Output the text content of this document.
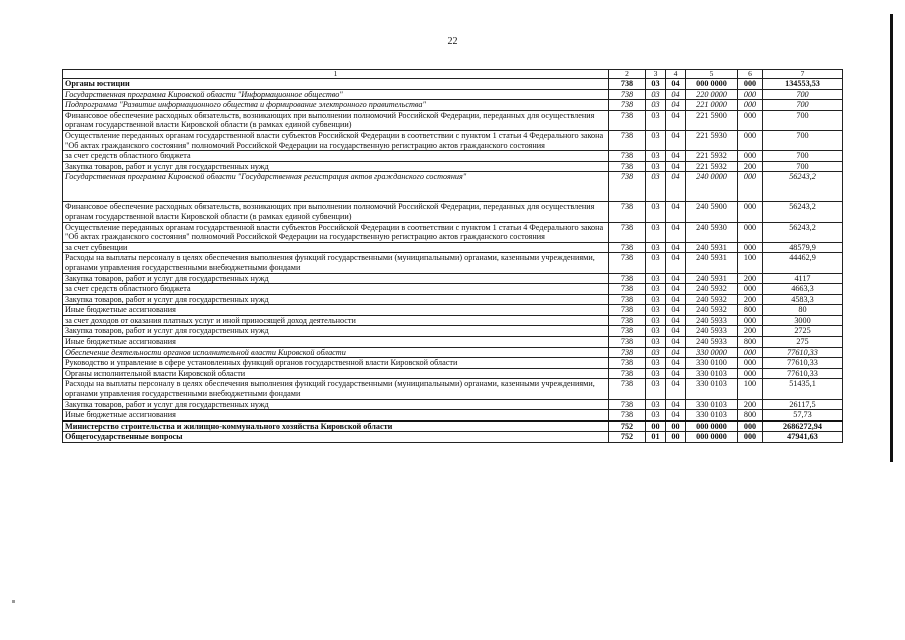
22
1	2	3	4	5	6	7
Органы юстиции	738	03	04	000 0000	000	134553,53
Государственная программа Кировской области "Информационное общество"	738	03	04	220 0000	000	700
Подпрограмма "Развитие информационного общества и формирование электронного правительства"	738	03	04	221 0000	000	700
Финансовое обеспечение расходных обязательств, возникающих при выполнении полномочий Российской Федерации, переданных для осуществления органам государственной власти Кировской области (в рамках единой субвенции)	738	03	04	221 5900	000	700
Осуществление переданных органам государственной власти субъектов Российской Федерации в соответствии с пунктом 1 статьи 4 Федерального закона "Об актах гражданского состояния" полномочий Российской Федерации на государственную регистрацию актов гражданского состояния	738	03	04	221 5930	000	700
за счет средств областного бюджета	738	03	04	221 5932	000	700
Закупка товаров, работ и услуг для государственных нужд	738	03	04	221 5932	200	700
Государственная программа Кировской области "Государственная регистрация актов гражданского состояния"	738	03	04	240 0000	000	56243,2
Финансовое обеспечение расходных обязательств, возникающих при выполнении полномочий Российской Федерации, переданных для осуществления органам государственной власти Кировской области (в рамках единой субвенции)	738	03	04	240 5900	000	56243,2
Осуществление переданных органам государственной власти субъектов Российской Федерации в соответствии с пунктом 1 статьи 4 Федерального закона "Об актах гражданского состояния" полномочий Российской Федерации на государственную регистрацию актов гражданского состояния	738	03	04	240 5930	000	56243,2
за счет субвенции	738	03	04	240 5931	000	48579,9
Расходы на выплаты персоналу в целях обеспечения выполнения функций государственными (муниципальными) органами, казенными учреждениями, органами управления государственными внебюджетными фондами	738	03	04	240 5931	100	44462,9
Закупка товаров, работ и услуг для государственных нужд	738	03	04	240 5931	200	4117
за счет средств областного бюджета	738	03	04	240 5932	000	4663,3
Закупка товаров, работ и услуг для государственных нужд	738	03	04	240 5932	200	4583,3
Иные бюджетные ассигнования	738	03	04	240 5932	800	80
за счет доходов от оказания платных услуг и иной приносящей доход деятельности	738	03	04	240 5933	000	3000
Закупка товаров, работ и услуг для государственных нужд	738	03	04	240 5933	200	2725
Иные бюджетные ассигнования	738	03	04	240 5933	800	275
Обеспечение деятельности органов исполнительной власти Кировской области	738	03	04	330 0000	000	77610,33
Руководство и управление в сфере установленных функций органов государственной власти Кировской области	738	03	04	330 0100	000	77610,33
Органы исполнительной власти Кировской области	738	03	04	330 0103	000	77610,33
Расходы на выплаты персоналу в целях обеспечения выполнения функций государственными (муниципальными) органами, казенными учреждениями, органами управления государственными внебюджетными фондами	738	03	04	330 0103	100	51435,1
Закупка товаров, работ и услуг для государственных нужд	738	03	04	330 0103	200	26117,5
Иные бюджетные ассигнования	738	03	04	330 0103	800	57,73
Министерство строительства и жилищно-коммунального хозяйства Кировской области	752	00	00	000 0000	000	2686272,94
Общегосударственные вопросы	752	01	00	000 0000	000	47941,63
